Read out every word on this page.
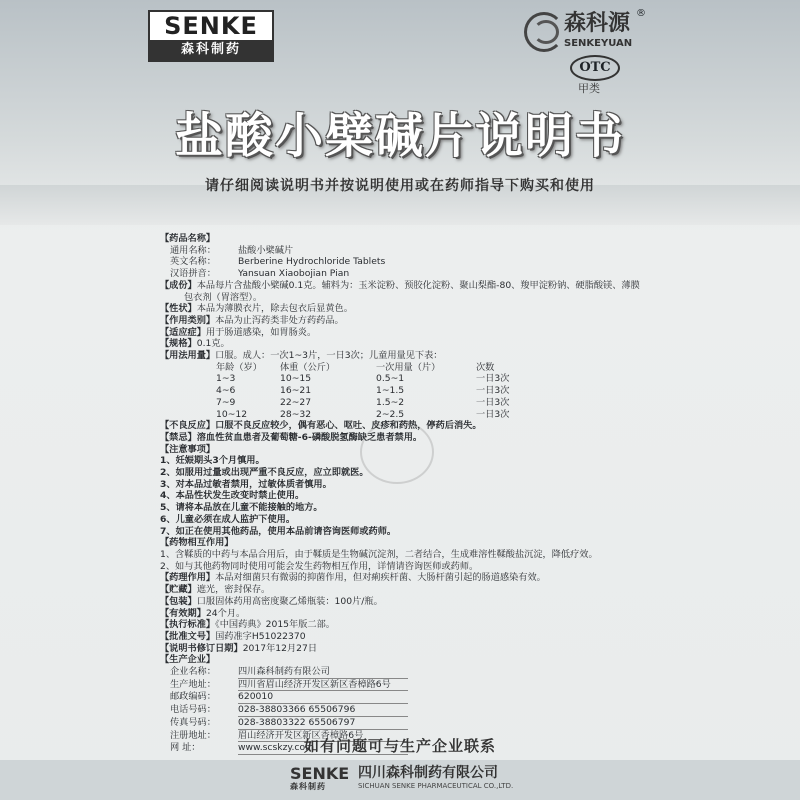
SENKE
森科制药
森科源 ®
SENKEYUAN
OTC
甲类
盐酸小檗碱片说明书
请仔细阅读说明书并按说明使用或在药师指导下购买和使用
【药品名称】
通用名称：	盐酸小檗碱片
英文名称：	Berberine Hydrochloride Tablets
汉语拼音：	Yansuan Xiaobojian Pian
【成份】本品每片含盐酸小檗碱0.1克。辅料为：玉米淀粉、预胶化淀粉、聚山梨酯-80、羧甲淀粉钠、硬脂酸镁、薄膜
包衣剂（胃溶型）。
【性状】本品为薄膜衣片，除去包衣后显黄色。
【作用类别】本品为止泻药类非处方药药品。
【适应症】用于肠道感染，如胃肠炎。
【规格】0.1克。
【用法用量】口服。成人：一次1~3片，一日3次；儿童用量见下表：
年龄（岁）	体重（公斤）	一次用量（片）	次数
1~3	10~15	0.5~1	一日3次
4~6	16~21	1~1.5	一日3次
7~9	22~27	1.5~2	一日3次
10~12	28~32	2~2.5	一日3次
【不良反应】口服不良反应较少，偶有恶心、呕吐、皮疹和药热，停药后消失。
【禁忌】溶血性贫血患者及葡萄糖-6-磷酸脱氢酶缺乏患者禁用。
【注意事项】
1、妊娠期头3个月慎用。
2、如服用过量或出现严重不良反应，应立即就医。
3、对本品过敏者禁用，过敏体质者慎用。
4、本品性状发生改变时禁止使用。
5、请将本品放在儿童不能接触的地方。
6、儿童必须在成人监护下使用。
7、如正在使用其他药品，使用本品前请咨询医师或药师。
【药物相互作用】
1、含鞣质的中药与本品合用后，由于鞣质是生物碱沉淀剂，二者结合，生成难溶性鞣酸盐沉淀，降低疗效。
2、如与其他药物同时使用可能会发生药物相互作用，详情请咨询医师或药师。
【药理作用】本品对细菌只有微弱的抑菌作用，但对痢疾杆菌、大肠杆菌引起的肠道感染有效。
【贮藏】遮光，密封保存。
【包装】口服固体药用高密度聚乙烯瓶装：100片/瓶。
【有效期】24个月。
【执行标准】《中国药典》2015年版二部。
【批准文号】国药准字H51022370
【说明书修订日期】2017年12月27日
【生产企业】
企业名称：	四川森科制药有限公司
生产地址：	四川省眉山经济开发区新区香樟路6号
邮政编码：	620010
电话号码：	028-38803366 65506796
传真号码：	028-38803322 65506797
注册地址：	眉山经济开发区新区香樟路6号
网 址：	www.scskzy.com
如有问题可与生产企业联系
SENKE
森科制药
四川森科制药有限公司
SICHUAN SENKE PHARMACEUTICAL CO.,LTD.
